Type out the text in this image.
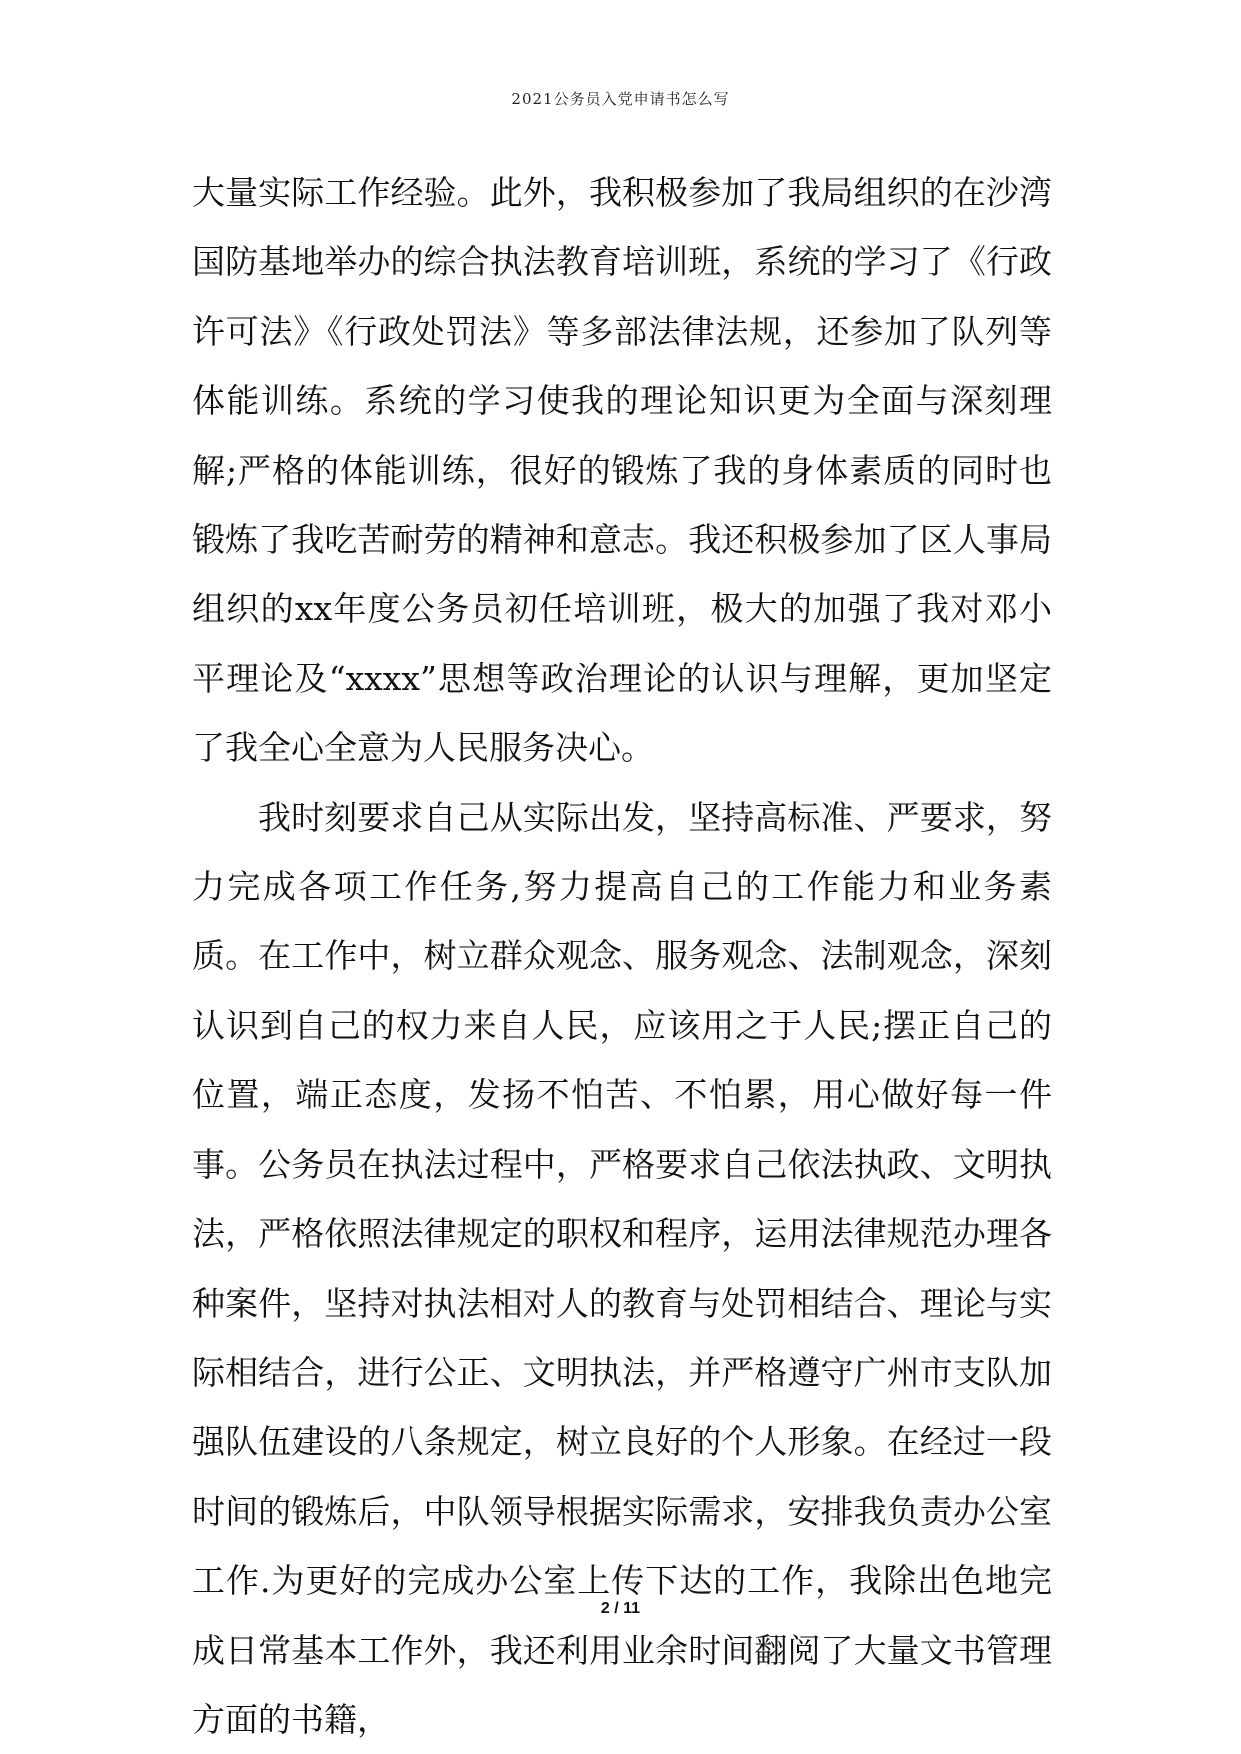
2021公务员入党申请书怎么写

大量实际工作经验。此外，我积极参加了我局组织的在沙湾国防基地举办的综合执法教育培训班，系统的学习了《行政许可法》《行政处罚法》等多部法律法规，还参加了队列等体能训练。系统的学习使我的理论知识更为全面与深刻理解;严格的体能训练，很好的锻炼了我的身体素质的同时也锻炼了我吃苦耐劳的精神和意志。我还积极参加了区人事局组织的xx年度公务员初任培训班，极大的加强了我对邓小平理论及“xxxx”思想等政治理论的认识与理解，更加坚定了我全心全意为人民服务决心。

我时刻要求自己从实际出发，坚持高标准、严要求，努力完成各项工作任务,努力提高自己的工作能力和业务素质。在工作中，树立群众观念、服务观念、法制观念，深刻认识到自己的权力来自人民，应该用之于人民;摆正自己的位置，端正态度，发扬不怕苦、不怕累，用心做好每一件事。公务员在执法过程中，严格要求自己依法执政、文明执法，严格依照法律规定的职权和程序，运用法律规范办理各种案件，坚持对执法相对人的教育与处罚相结合、理论与实际相结合，进行公正、文明执法，并严格遵守广州市支队加强队伍建设的八条规定，树立良好的个人形象。在经过一段时间的锻炼后，中队领导根据实际需求，安排我负责办公室工作.为更好的完成办公室上传下达的工作，我除出色地完成日常基本工作外，我还利用业余时间翻阅了大量文书管理方面的书籍，

2 / 11
